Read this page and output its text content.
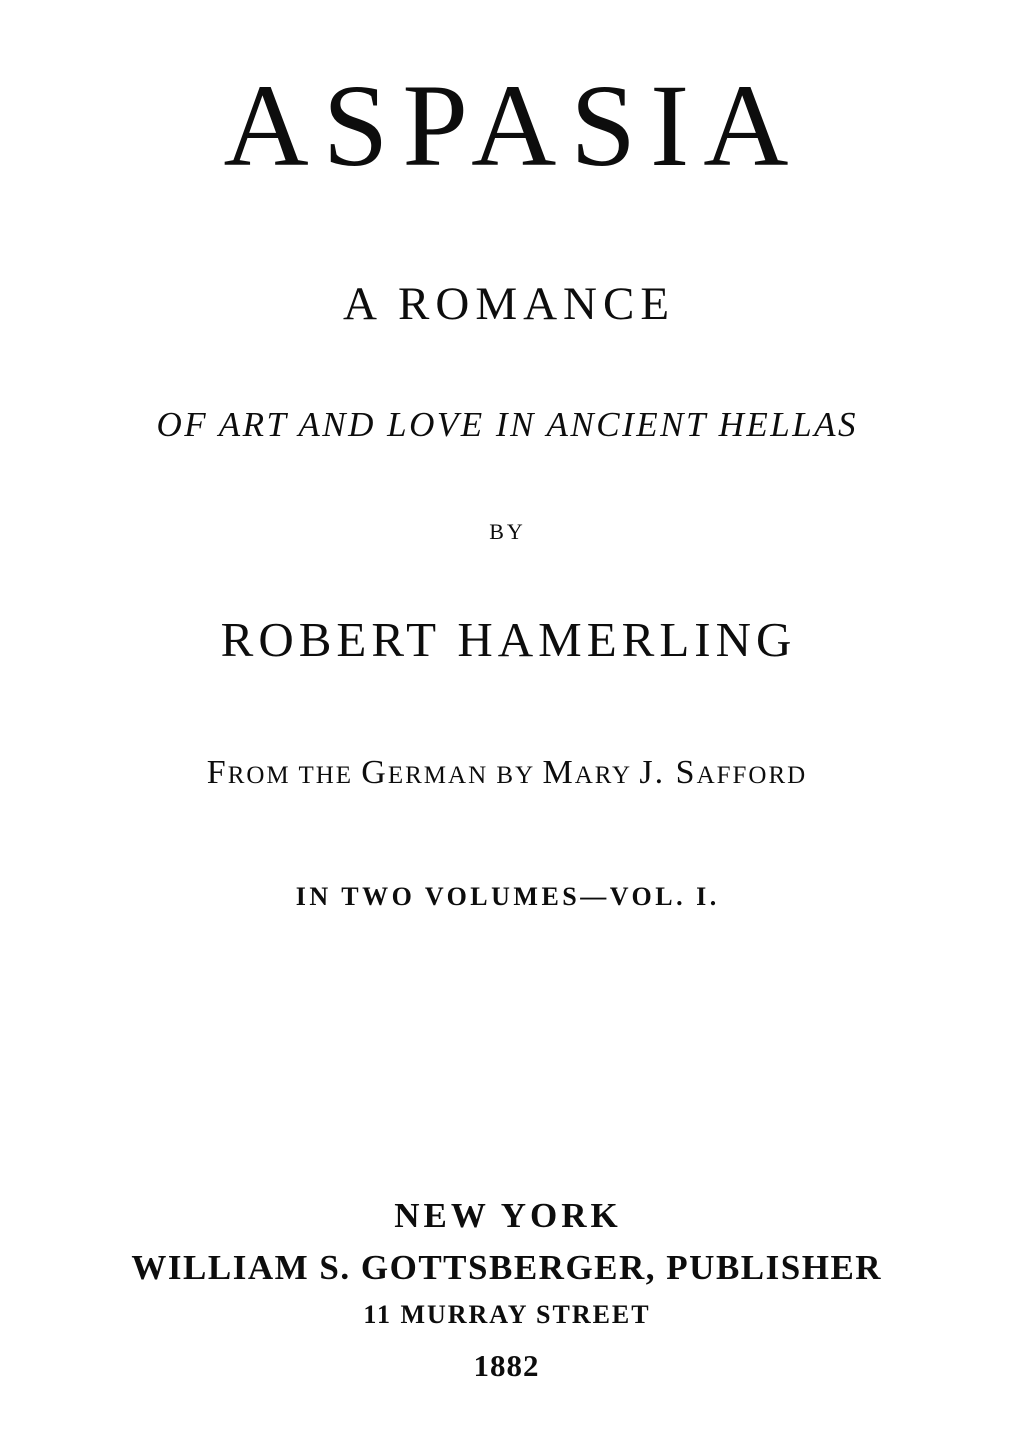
ASPASIA

A ROMANCE

OF ART AND LOVE IN ANCIENT HELLAS

BY

ROBERT HAMERLING

FROM THE GERMAN BY MARY J. SAFFORD

IN TWO VOLUMES—VOL. I.

NEW YORK

WILLIAM S. GOTTSBERGER, PUBLISHER

11 MURRAY STREET

1882
